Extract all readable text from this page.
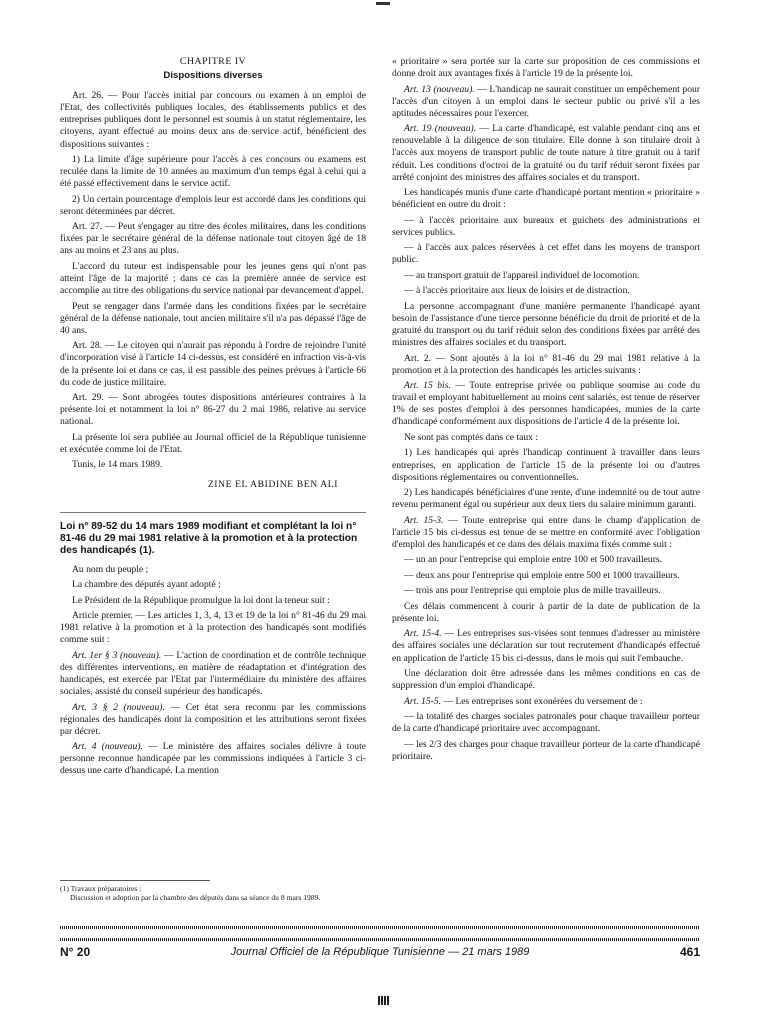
CHAPITRE IV

Dispositions diverses

Art. 26. — Pour l'accès initial par concours ou examen à un emploi de l'Etat, des collectivités publiques locales, des établissements publics et des entreprises publiques dont le personnel est soumis à un statut réglementaire, les citoyens, ayant effectué au moins deux ans de service actif, bénéficient des dispositions suivantes :

1) La limite d'âge supérieure pour l'accès à ces concours ou examens est reculée dans la limite de 10 années au maximum d'un temps égal à celui qui a été passé effectivement dans le service actif.

2) Un certain pourcentage d'emplois leur est accordé dans les conditions qui seront déterminées par décret.

Art. 27. — Peut s'engager au titre des écoles militaires, dans les conditions fixées par le secrétaire général de la défense nationale tout citoyen âgé de 18 ans au moins et 23 ans au plus.

L'accord du tuteur est indispensable pour les jeunes gens qui n'ont pas atteint l'âge de la majorité ; dans ce cas la première année de service est accomplie au titre des obligations du service national par devancement d'appel.

Peut se rengager dans l'armée dans les conditions fixées par le secrétaire général de la défense nationale, tout ancien militaire s'il n'a pas dépassé l'âge de 40 ans.

Art. 28. — Le citoyen qui n'aurait pas répondu à l'ordre de rejoindre l'unité d'incorporation visé à l'article 14 ci-dessus, est considéré en infraction vis-à-vis de la présente loi et dans ce cas, il est passible des peines prévues à l'article 66 du code de justice militaire.

Art. 29. — Sont abrogées toutes dispositions antérieures contraires à la présente loi et notamment la loi n° 86-27 du 2 mai 1986, relative au service national.

La présente loi sera publiée au Journal officiel de la République tunisienne et exécutée comme loi de l'Etat.

Tunis, le 14 mars 1989.

ZINE EL ABIDINE BEN ALI

Loi n° 89-52 du 14 mars 1989 modifiant et complétant la loi n° 81-46 du 29 mai 1981 relative à la promotion et à la protection des handicapés (1).

Au nom du peuple ;

La chambre des députés ayant adopté ;

Le Président de la République promulgue la loi dont la teneur suit :

Article premier. — Les articles 1, 3, 4, 13 et 19 de la loi n° 81-46 du 29 mai 1981 relative à la promotion et à la protection des handicapés sont modifiés comme suit :

Art. 1er § 3 (nouveau). — L'action de coordination et de contrôle technique des différentes interventions, en matière de réadaptation et d'intégration des handicapés, est exercée par l'Etat par l'intermédiaire du ministère des affaires sociales, assisté du conseil supérieur des handicapés.

Art. 3 § 2 (nouveau). — Cet état sera reconnu par les commissions régionales des handicapés dont la composition et les attributions seront fixées par décret.

Art. 4 (nouveau). — Le ministère des affaires sociales délivre à toute personne reconnue handicapée par les commissions indiquées à l'article 3 ci-dessus une carte d'handicapé. La mention

« prioritaire » sera portée sur la carte sur proposition de ces commissions et donne droit aux avantages fixés à l'article 19 de la présente loi.

Art. 13 (nouveau). — L'handicap ne saurait constituer un empêchement pour l'accès d'un citoyen à un emploi dans le secteur public ou privé s'il a les aptitudes nécessaires pour l'exercer.

Art. 19 (nouveau). — La carte d'handicapé, est valable pendant cinq ans et renouvelable à la diligence de son titulaire. Elle donne à son titulaire droit à l'accès aux moyens de transport public de toute nature à titre gratuit ou à tarif réduit. Les conditions d'octroi de la gratuité ou du tarif réduit seront fixées par arrêté conjoint des ministres des affaires sociales et du transport.

Les handicapés munis d'une carte d'handicapé portant mention « prioritaire » bénéficient en outre du droit :

— à l'accès prioritaire aux bureaux et guichets des administrations et services publics.

— à l'accès aux palces réservées à cet effet dans les moyens de transport public.

— au transport gratuit de l'appareil individuel de locomotion.

— à l'accès prioritaire aux lieux de loisirs et de distraction.

La personne accompagnant d'une manière permanente l'handicapé ayant besoin de l'assistance d'une tierce personne bénéficie du droit de priorité et de la gratuité du transport ou du tarif réduit selon des conditions fixées par arrêté des ministres des affaires sociales et du transport.

Art. 2. — Sont ajoutés à la loi n° 81-46 du 29 mai 1981 relative à la promotion et à la protection des handicapés les articles suivants :

Art. 15 bis. — Toute entreprise privée ou publique soumise au code du travail et employant habituellement au moins cent salariés, est tenue de réserver 1% de ses postes d'emploi à des personnes handicapées, munies de la carte d'handicapé conformément aux dispositions de l'article 4 de la présente loi.

Ne sont pas comptés dans ce taux :

1) Les handicapés qui après l'handicap continuent à travailler dans leurs entreprises, en application de l'article 15 de la présente loi ou d'autres dispositions réglementaires ou conventionnelles.

2) Les handicapés bénéficiaires d'une rente, d'une indemnité ou de tout autre revenu permanent égal ou supérieur aux deux tiers du salaire minimum garanti.

Art. 15-3. — Toute entreprise qui entre dans le champ d'application de l'article 15 bis ci-dessus est tenue de se mettre en conformité avec l'obligation d'emploi des handicapés et ce dans des délais maxima fixés comme suit :

— un an pour l'entreprise qui emploie entre 100 et 500 travailleurs.

— deux ans pour l'entreprise qui emploie entre 500 et 1000 travailleurs.

— trois ans pour l'entreprise qui emploie plus de mille travailleurs.

Ces délais commencent à courir à partir de la date de publication de la présente loi.

Art. 15-4. — Les entreprises sus-visées sont tennues d'adresser au ministère des affaires sociales une déclaration sur tout recrutement d'handicapés effectué en application de l'article 15 bis ci-dessus, dans le mois qui suit l'embauche.

Une déclaration doit être adressée dans les mêmes conditions en cas de suppression d'un emploi d'handicapé.

Art. 15-5. — Les entreprises sont exonérées du versement de :

— la totalité des charges sociales patronales pour chaque travailleur porteur de la carte d'handicapé prioritaire avec accompagnant.

— les 2/3 des charges pour chaque travailleur porteur de la carte d'handicapé prioritaire.

(1) Travaux préparatoires :

Discussion et adoption par la chambre des députés dans sa séance du 8 mars 1989.

Journal Officiel de la République Tunisienne — 21 mars 1989
N° 20	461
